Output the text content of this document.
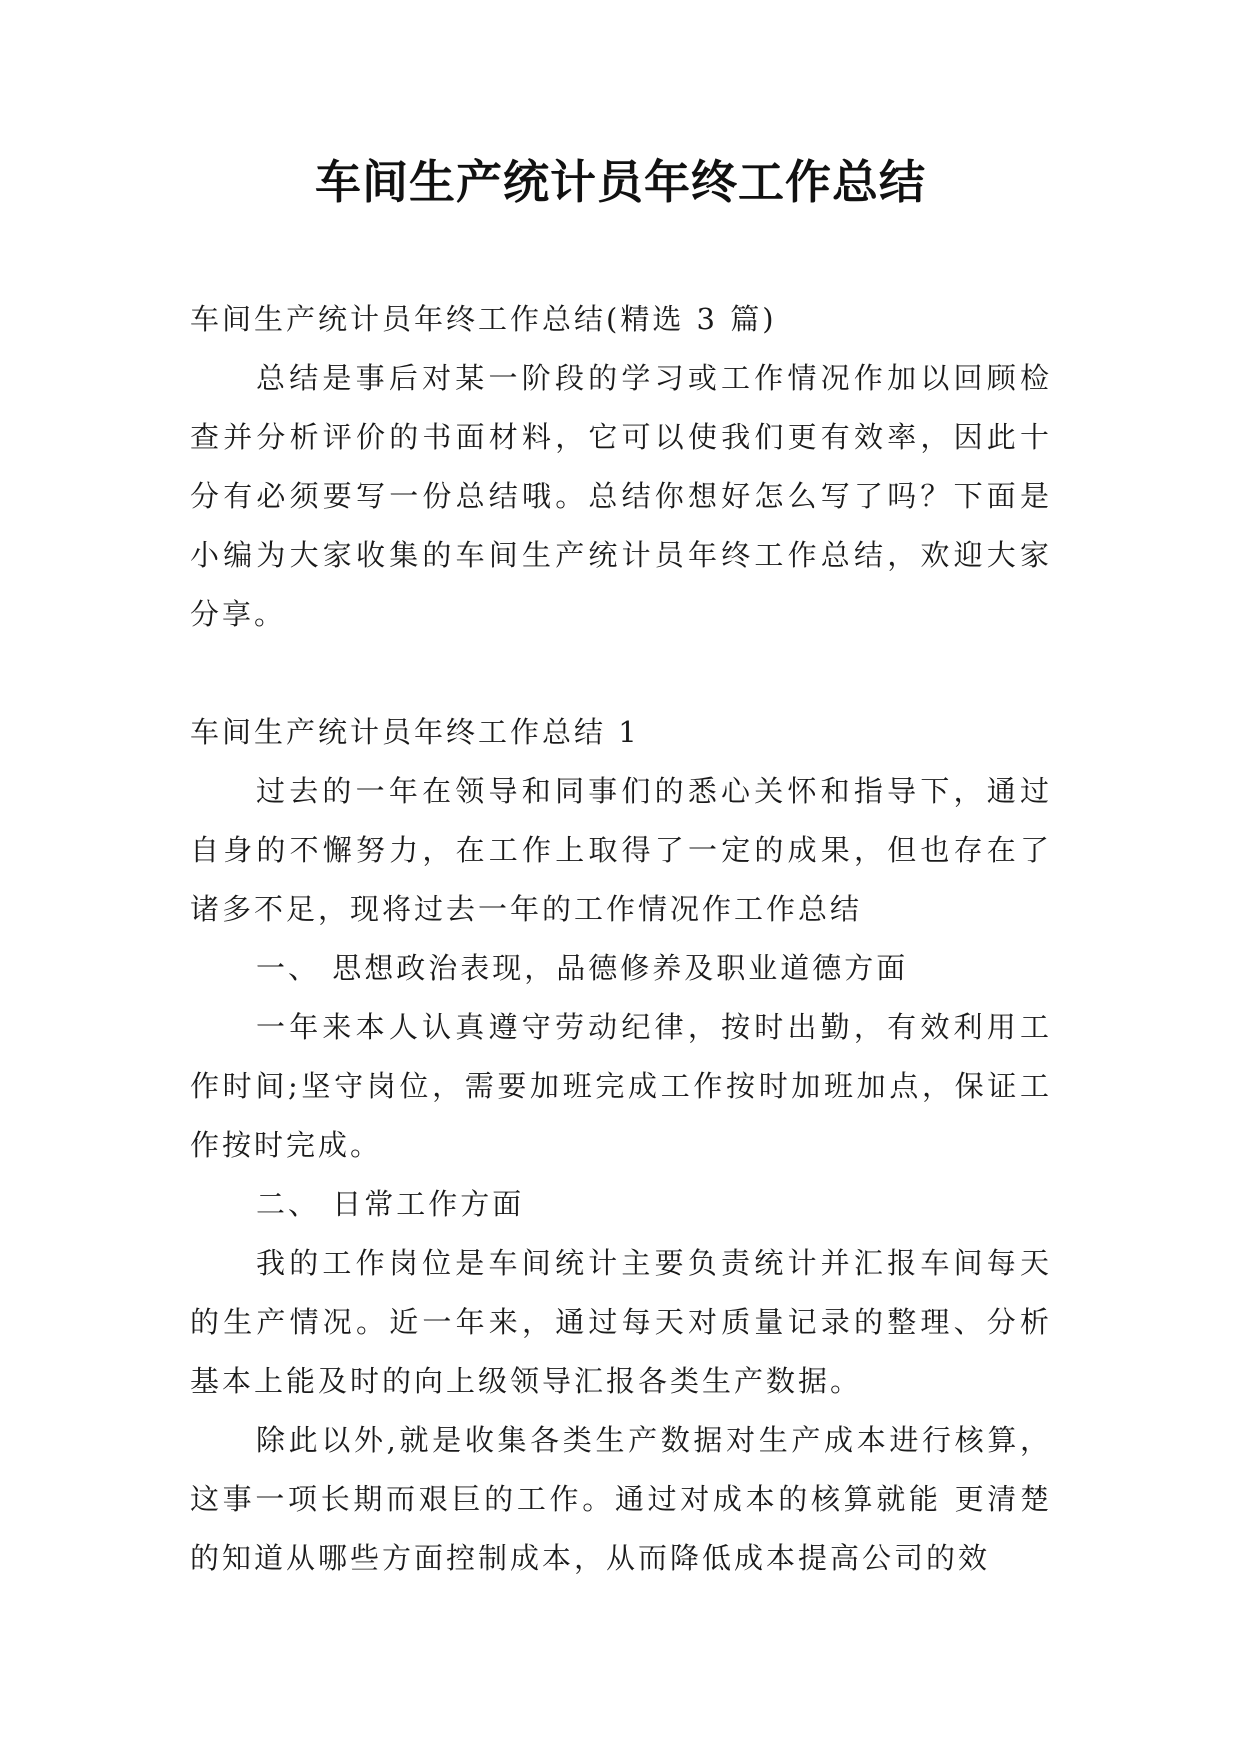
车间生产统计员年终工作总结

车间生产统计员年终工作总结(精选 3 篇)

总结是事后对某一阶段的学习或工作情况作加以回顾检查并分析评价的书面材料，它可以使我们更有效率，因此十分有必须要写一份总结哦。总结你想好怎么写了吗？下面是小编为大家收集的车间生产统计员年终工作总结，欢迎大家分享。

车间生产统计员年终工作总结 1

过去的一年在领导和同事们的悉心关怀和指导下，通过自身的不懈努力，在工作上取得了一定的成果，但也存在了诸多不足，现将过去一年的工作情况作工作总结

一、 思想政治表现，品德修养及职业道德方面

一年来本人认真遵守劳动纪律，按时出勤，有效利用工作时间;坚守岗位，需要加班完成工作按时加班加点，保证工作按时完成。

二、 日常工作方面

我的工作岗位是车间统计主要负责统计并汇报车间每天的生产情况。近一年来，通过每天对质量记录的整理、分析基本上能及时的向上级领导汇报各类生产数据。

除此以外,就是收集各类生产数据对生产成本进行核算，这事一项长期而艰巨的工作。通过对成本的核算就能 更清楚的知道从哪些方面控制成本，从而降低成本提高公司的效
